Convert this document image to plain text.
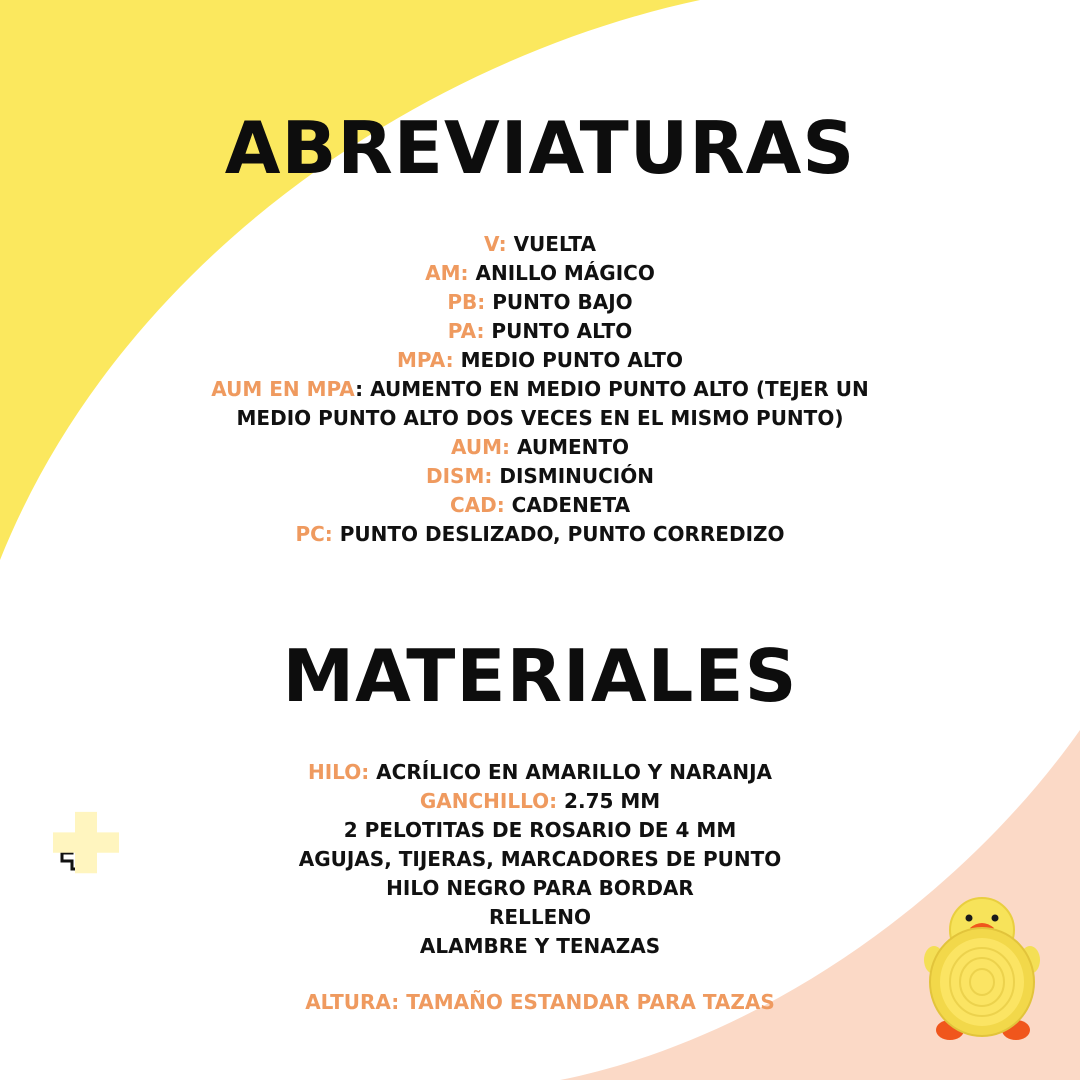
ABREVIATURAS
V: VUELTA
AM: ANILLO MÁGICO
PB: PUNTO BAJO
PA: PUNTO ALTO
MPA: MEDIO PUNTO ALTO
AUM EN MPA: AUMENTO EN MEDIO PUNTO ALTO (TEJER UN
MEDIO PUNTO ALTO DOS VECES EN EL MISMO PUNTO)
AUM: AUMENTO
DISM: DISMINUCIÓN
CAD: CADENETA
PC: PUNTO DESLIZADO, PUNTO CORREDIZO
MATERIALES
HILO: ACRÍLICO EN AMARILLO Y NARANJA
GANCHILLO: 2.75 MM
2 PELOTITAS DE ROSARIO DE 4 MM
AGUJAS, TIJERAS, MARCADORES DE PUNTO
HILO NEGRO PARA BORDAR
RELLENO
ALAMBRE Y TENAZAS
ALTURA: TAMAÑO ESTANDAR PARA TAZAS
